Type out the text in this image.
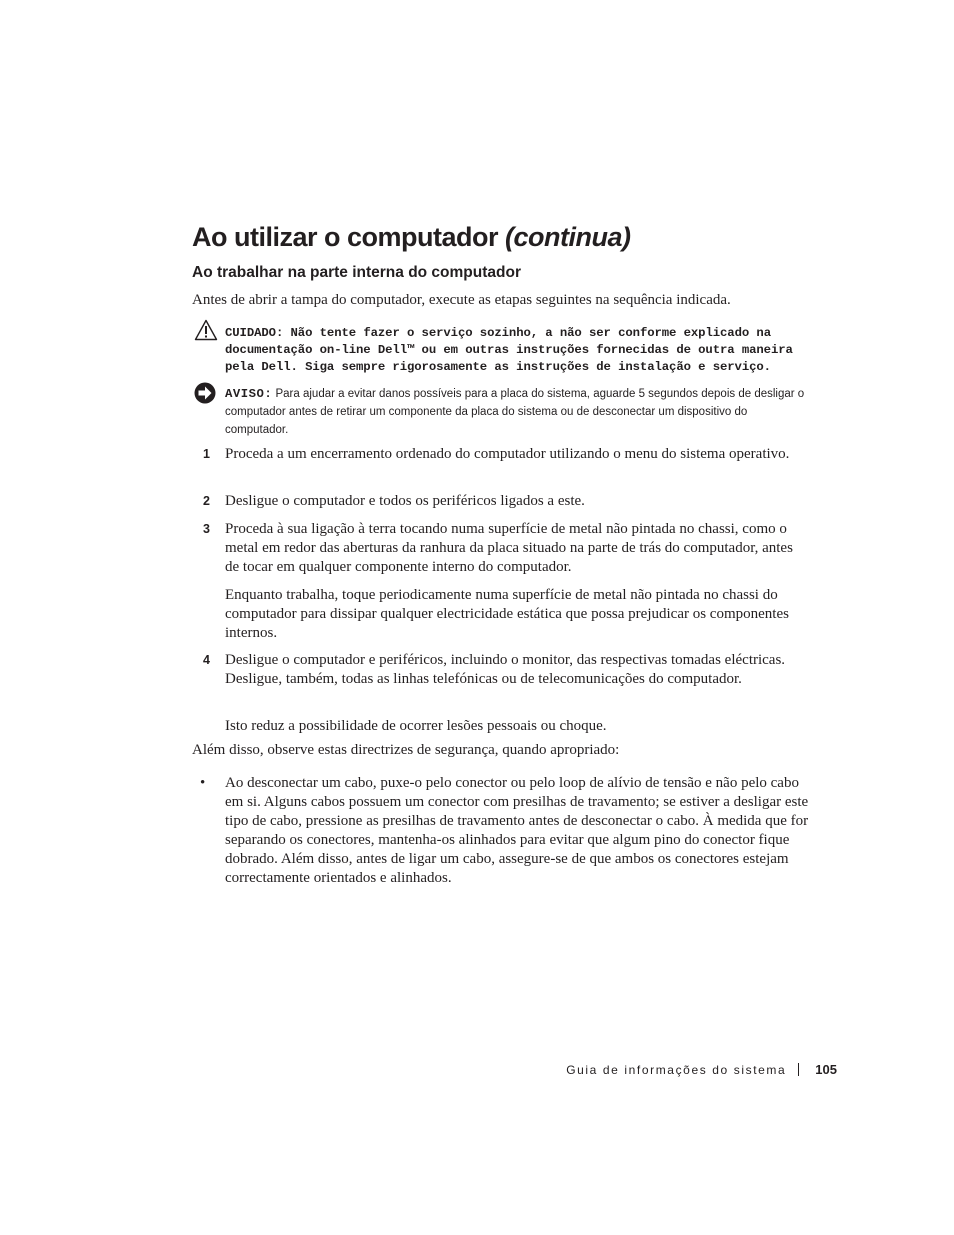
Ao utilizar o computador (continua)
Ao trabalhar na parte interna do computador

Antes de abrir a tampa do computador, execute as etapas seguintes na sequência indicada.

CUIDADO: Não tente fazer o serviço sozinho, a não ser conforme explicado na documentação on-line Dell™ ou em outras instruções fornecidas de outra maneira pela Dell. Siga sempre rigorosamente as instruções de instalação e serviço.

AVISO: Para ajudar a evitar danos possíveis para a placa do sistema, aguarde 5 segundos depois de desligar o computador antes de retirar um componente da placa do sistema ou de desconectar um dispositivo do computador.

1 Proceda a um encerramento ordenado do computador utilizando o menu do sistema operativo.

2 Desligue o computador e todos os periféricos ligados a este.

3 Proceda à sua ligação à terra tocando numa superfície de metal não pintada no chassi, como o metal em redor das aberturas da ranhura da placa situado na parte de trás do computador, antes de tocar em qualquer componente interno do computador.

Enquanto trabalha, toque periodicamente numa superfície de metal não pintada no chassi do computador para dissipar qualquer electricidade estática que possa prejudicar os componentes internos.

4 Desligue o computador e periféricos, incluindo o monitor, das respectivas tomadas eléctricas. Desligue, também, todas as linhas telefónicas ou de telecomunicações do computador.

Isto reduz a possibilidade de ocorrer lesões pessoais ou choque.

Além disso, observe estas directrizes de segurança, quando apropriado:

• Ao desconectar um cabo, puxe-o pelo conector ou pelo loop de alívio de tensão e não pelo cabo em si. Alguns cabos possuem um conector com presilhas de travamento; se estiver a desligar este tipo de cabo, pressione as presilhas de travamento antes de desconectar o cabo. À medida que for separando os conectores, mantenha-os alinhados para evitar que algum pino do conector fique dobrado. Além disso, antes de ligar um cabo, assegure-se de que ambos os conectores estejam correctamente orientados e alinhados.

Guia de informações do sistema 105
